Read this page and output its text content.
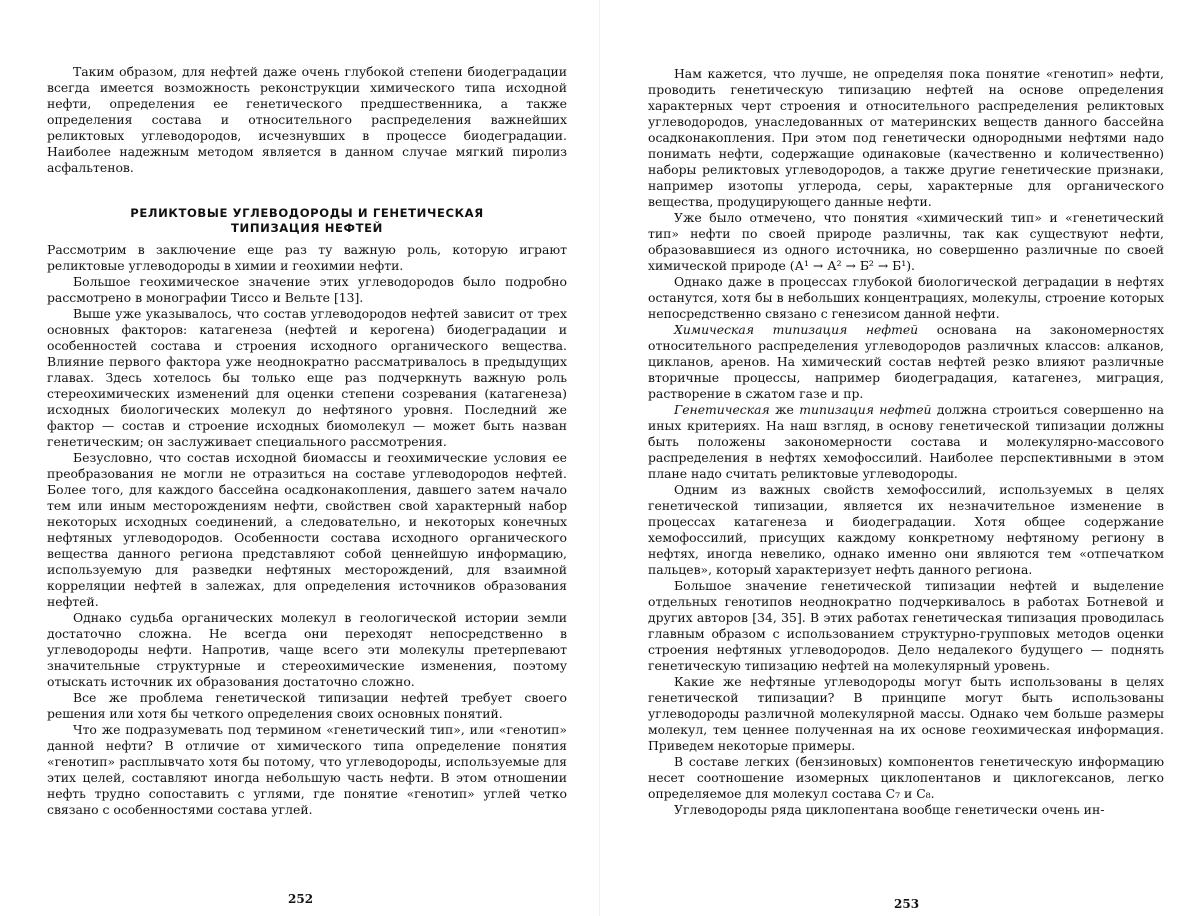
Таким образом, для нефтей даже очень глубокой степени биодеградации всегда имеется возможность реконструкции химического типа исходной нефти, определения ее генетического предшественника, а также определения состава и относительного распределения важнейших реликтовых углеводородов, исчезнувших в процессе биодеградации. Наиболее надежным методом является в данном случае мягкий пиролиз асфальтенов.

РЕЛИКТОВЫЕ УГЛЕВОДОРОДЫ И ГЕНЕТИЧЕСКАЯ
ТИПИЗАЦИЯ НЕФТЕЙ

Рассмотрим в заключение еще раз ту важную роль, которую играют реликтовые углеводороды в химии и геохимии нефти.

Большое геохимическое значение этих углеводородов было подробно рассмотрено в монографии Тиссо и Вельте [13].

Выше уже указывалось, что состав углеводородов нефтей зависит от трех основных факторов: катагенеза (нефтей и керогена) биодеградации и особенностей состава и строения исходного органического вещества. Влияние первого фактора уже неоднократно рассматривалось в предыдущих главах. Здесь хотелось бы только еще раз подчеркнуть важную роль стереохимических изменений для оценки степени созревания (катагенеза) исходных биологических молекул до нефтяного уровня. Последний же фактор — состав и строение исходных биомолекул — может быть назван генетическим; он заслуживает специального рассмотрения.

Безусловно, что состав исходной биомассы и геохимические условия ее преобразования не могли не отразиться на составе углеводородов нефтей. Более того, для каждого бассейна осадконакопления, давшего затем начало тем или иным месторождениям нефти, свойствен свой характерный набор некоторых исходных соединений, а следовательно, и некоторых конечных нефтяных углеводородов. Особенности состава исходного органического вещества данного региона представляют собой ценнейшую информацию, используемую для разведки нефтяных месторождений, для взаимной корреляции нефтей в залежах, для определения источников образования нефтей.

Однако судьба органических молекул в геологической истории земли достаточно сложна. Не всегда они переходят непосредственно в углеводороды нефти. Напротив, чаще всего эти молекулы претерпевают значительные структурные и стереохимические изменения, поэтому отыскать источник их образования достаточно сложно.

Все же проблема генетической типизации нефтей требует своего решения или хотя бы четкого определения своих основных понятий.

Что же подразумевать под термином «генетический тип», или «генотип» данной нефти? В отличие от химического типа определение понятия «генотип» расплывчато хотя бы потому, что углеводороды, используемые для этих целей, составляют иногда небольшую часть нефти. В этом отношении нефть трудно сопоставить с углями, где понятие «генотип» углей четко связано с особенностями состава углей.

252

Нам кажется, что лучше, не определяя пока понятие «генотип» нефти, проводить генетическую типизацию нефтей на основе определения характерных черт строения и относительного распределения реликтовых углеводородов, унаследованных от материнских веществ данного бассейна осадконакопления. При этом под генетически однородными нефтями надо понимать нефти, содержащие одинаковые (качественно и количественно) наборы реликтовых углеводородов, а также другие генетические признаки, например изотопы углерода, серы, характерные для органического вещества, продуцирующего данные нефти.

Уже было отмечено, что понятия «химический тип» и «генетический тип» нефти по своей природе различны, так как существуют нефти, образовавшиеся из одного источника, но совершенно различные по своей химической природе (А¹ → А² → Б² → Б¹).

Однако даже в процессах глубокой биологической деградации в нефтях останутся, хотя бы в небольших концентрациях, молекулы, строение которых непосредственно связано с генезисом данной нефти.

Химическая типизация нефтей основана на закономерностях относительного распределения углеводородов различных классов: алканов, цикланов, аренов. На химический состав нефтей резко влияют различные вторичные процессы, например биодеградация, катагенез, миграция, растворение в сжатом газе и пр.

Генетическая же типизация нефтей должна строиться совершенно на иных критериях. На наш взгляд, в основу генетической типизации должны быть положены закономерности состава и молекулярно-массового распределения в нефтях хемофоссилий. Наиболее перспективными в этом плане надо считать реликтовые углеводороды.

Одним из важных свойств хемофоссилий, используемых в целях генетической типизации, является их незначительное изменение в процессах катагенеза и биодеградации. Хотя общее содержание хемофоссилий, присущих каждому конкретному нефтяному региону в нефтях, иногда невелико, однако именно они являются тем «отпечатком пальцев», который характеризует нефть данного региона.

Большое значение генетической типизации нефтей и выделение отдельных генотипов неоднократно подчеркивалось в работах Ботневой и других авторов [34, 35]. В этих работах генетическая типизация проводилась главным образом с использованием структурно-групповых методов оценки строения нефтяных углеводородов. Дело недалекого будущего — поднять генетическую типизацию нефтей на молекулярный уровень.

Какие же нефтяные углеводороды могут быть использованы в целях генетической типизации? В принципе могут быть использованы углеводороды различной молекулярной массы. Однако чем больше размеры молекул, тем ценнее полученная на их основе геохимическая информация. Приведем некоторые примеры.

В составе легких (бензиновых) компонентов генетическую информацию несет соотношение изомерных циклопентанов и циклогексанов, легко определяемое для молекул состава C₇ и C₈.

Углеводороды ряда циклопентана вообще генетически очень ин-

253
